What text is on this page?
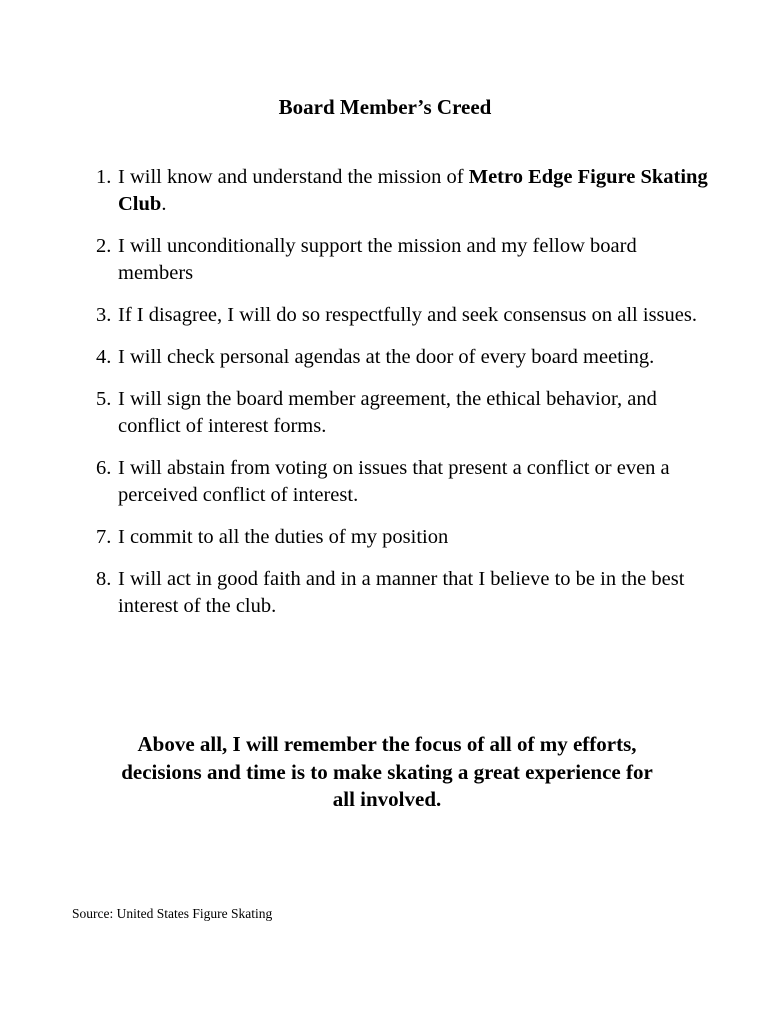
Board Member’s Creed
1. I will know and understand the mission of Metro Edge Figure Skating Club.
2. I will unconditionally support the mission and my fellow board members
3. If I disagree, I will do so respectfully and seek consensus on all issues.
4. I will check personal agendas at the door of every board meeting.
5. I will sign the board member agreement, the ethical behavior, and conflict of interest forms.
6. I will abstain from voting on issues that present a conflict or even a perceived conflict of interest.
7. I commit to all the duties of my position
8. I will act in good faith and in a manner that I believe to be in the best interest of the club.

Above all, I will remember the focus of all of my efforts, decisions and time is to make skating a great experience for all involved.

Source: United States Figure Skating
